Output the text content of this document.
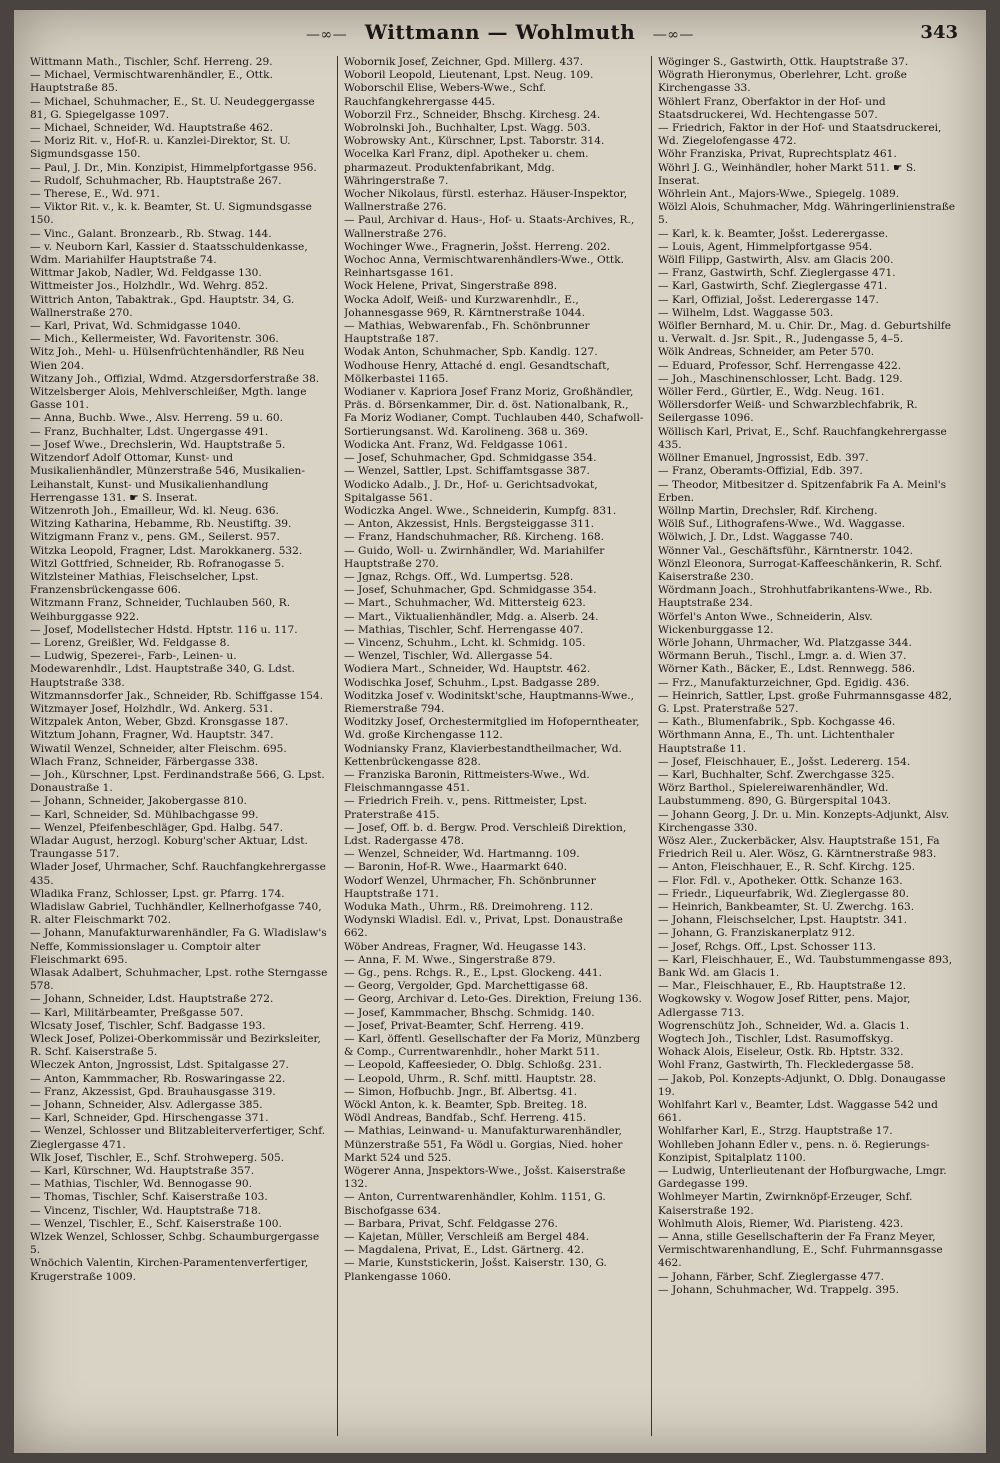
—∞— Wittmann — Wohlmuth —∞—	343

Wittmann Math., Tischler, Schf. Herreng. 29.

— Michael, Vermischtwarenhändler, E., Ottk. Hauptstraße 85.

— Michael, Schuhmacher, E., St. U. Neudeggergasse 81, G. Spiegelgasse 1097.

— Michael, Schneider, Wd. Hauptstraße 462.

— Moriz Rit. v., Hof-R. u. Kanzlei-Direktor, St. U. Sigmundsgasse 150.

— Paul, J. Dr., Min. Konzipist, Himmelpfortgasse 956.

— Rudolf, Schuhmacher, Rb. Hauptstraße 267.

— Therese, E., Wd. 971.

— Viktor Rit. v., k. k. Beamter, St. U. Sigmundsgasse 150.

— Vinc., Galant. Bronzearb., Rb. Stwag. 144.

— v. Neuborn Karl, Kassier d. Staatsschuldenkasse, Wdm. Mariahilfer Hauptstraße 74.

Wittmar Jakob, Nadler, Wd. Feldgasse 130.

Wittmeister Jos., Holzhdlr., Wd. Wehrg. 852.

Wittrich Anton, Tabaktrak., Gpd. Hauptstr. 34, G. Wallnerstraße 270.

— Karl, Privat, Wd. Schmidgasse 1040.

— Mich., Kellermeister, Wd. Favoritenstr. 306.

Witz Joh., Mehl- u. Hülsenfrüchtenhändler, Rß Neu Wien 204.

Witzany Joh., Offizial, Wdmd. Atzgersdorferstraße 38.

Witzelsberger Alois, Mehlverschleißer, Mgth. lange Gasse 101.

— Anna, Buchb. Wwe., Alsv. Herreng. 59 u. 60.

— Franz, Buchhalter, Ldst. Ungergasse 491.

— Josef Wwe., Drechslerin, Wd. Hauptstraße 5.

Witzendorf Adolf Ottomar, Kunst- und Musikalienhändler, Münzerstraße 546, Musikalien-Leihanstalt, Kunst- und Musikalienhandlung Herrengasse 131. ☛ S. Inserat.

Witzenroth Joh., Emailleur, Wd. kl. Neug. 636.

Witzing Katharina, Hebamme, Rb. Neustiftg. 39.

Witzigmann Franz v., pens. GM., Seilerst. 957.

Witzka Leopold, Fragner, Ldst. Marokkanerg. 532.

Witzl Gottfried, Schneider, Rb. Rofranogasse 5.

Witzlsteiner Mathias, Fleischselcher, Lpst. Franzensbrückengasse 606.

Witzmann Franz, Schneider, Tuchlauben 560, R. Weihburggasse 922.

— Josef, Modellstecher Hdstd. Hptstr. 116 u. 117.

— Lorenz, Greißler, Wd. Feldgasse 8.

— Ludwig, Spezerei-, Farb-, Leinen- u. Modewarenhdlr., Ldst. Hauptstraße 340, G. Ldst. Hauptstraße 338.

Witzmannsdorfer Jak., Schneider, Rb. Schiffgasse 154.

Witzmayer Josef, Holzhdlr., Wd. Ankerg. 531.

Witzpalek Anton, Weber, Gbzd. Kronsgasse 187.

Witztum Johann, Fragner, Wd. Hauptstr. 347.

Wiwatil Wenzel, Schneider, alter Fleischm. 695.

Wlach Franz, Schneider, Färbergasse 338.

— Joh., Kürschner, Lpst. Ferdinandstraße 566, G. Lpst. Donaustraße 1.

— Johann, Schneider, Jakobergasse 810.

— Karl, Schneider, Sd. Mühlbachgasse 99.

— Wenzel, Pfeifenbeschläger, Gpd. Halbg. 547.

Wladar August, herzogl. Koburg'scher Aktuar, Ldst. Traungasse 517.

Wlader Josef, Uhrmacher, Schf. Rauchfangkehrergasse 435.

Wladika Franz, Schlosser, Lpst. gr. Pfarrg. 174.

Wladislaw Gabriel, Tuchhändler, Kellnerhofgasse 740, R. alter Fleischmarkt 702.

— Johann, Manufakturwarenhändler, Fa G. Wladislaw's Neffe, Kommissionslager u. Comptoir alter Fleischmarkt 695.

Wlasak Adalbert, Schuhmacher, Lpst. rothe Sterngasse 578.

— Johann, Schneider, Ldst. Hauptstraße 272.

— Karl, Militärbeamter, Preßgasse 507.

Wlcsaty Josef, Tischler, Schf. Badgasse 193.

Wleck Josef, Polizei-Oberkommissär und Bezirksleiter, R. Schf. Kaiserstraße 5.

Wleczek Anton, Jngrossist, Ldst. Spitalgasse 27.

— Anton, Kammmacher, Rb. Roswaringasse 22.

— Franz, Akzessist, Gpd. Brauhausgasse 319.

— Johann, Schneider, Alsv. Adlergasse 385.

— Karl, Schneider, Gpd. Hirschengasse 371.

— Wenzel, Schlosser und Blitzableiterverfertiger, Schf. Zieglergasse 471.

Wlk Josef, Tischler, E., Schf. Strohweperg. 505.

— Karl, Kürschner, Wd. Hauptstraße 357.

— Mathias, Tischler, Wd. Bennogasse 90.

— Thomas, Tischler, Schf. Kaiserstraße 103.

— Vincenz, Tischler, Wd. Hauptstraße 718.

— Wenzel, Tischler, E., Schf. Kaiserstraße 100.

Wlzek Wenzel, Schlosser, Schbg. Schaumburgergasse 5.

Wnöchich Valentin, Kirchen-Paramentenverfertiger, Krugerstraße 1009.

Wobornik Josef, Zeichner, Gpd. Millerg. 437.

Woboril Leopold, Lieutenant, Lpst. Neug. 109.

Woborschil Elise, Webers-Wwe., Schf. Rauchfangkehrergasse 445.

Woborzil Frz., Schneider, Bhschg. Kirchesg. 24.

Wobrolnski Joh., Buchhalter, Lpst. Wagg. 503.

Wobrowsky Ant., Kürschner, Lpst. Taborstr. 314.

Wocelka Karl Franz, dipl. Apotheker u. chem. pharmazeut. Produktenfabrikant, Mdg. Währingerstraße 7.

Wocher Nikolaus, fürstl. esterhaz. Häuser-Inspektor, Wallnerstraße 276.

— Paul, Archivar d. Haus-, Hof- u. Staats-Archives, R., Wallnerstraße 276.

Wochinger Wwe., Fragnerin, Jošst. Herreng. 202.

Wochoc Anna, Vermischtwarenhändlers-Wwe., Ottk. Reinhartsgasse 161.

Wock Helene, Privat, Singerstraße 898.

Wocka Adolf, Weiß- und Kurzwarenhdlr., E., Johannesgasse 969, R. Kärntnerstraße 1044.

— Mathias, Webwarenfab., Fh. Schönbrunner Hauptstraße 187.

Wodak Anton, Schuhmacher, Spb. Kandlg. 127.

Wodhouse Henry, Attaché d. engl. Gesandtschaft, Mölkerbastei 1165.

Wodianer v. Kapriora Josef Franz Moriz, Großhändler, Präs. d. Börsenkammer, Dir. d. öst. Nationalbank, R., Fa Moriz Wodianer, Compt. Tuchlauben 440, Schafwoll-Sortierungsanst. Wd. Karolineng. 368 u. 369.

Wodicka Ant. Franz, Wd. Feldgasse 1061.

— Josef, Schuhmacher, Gpd. Schmidgasse 354.

— Wenzel, Sattler, Lpst. Schiffamtsgasse 387.

Wodicko Adalb., J. Dr., Hof- u. Gerichtsadvokat, Spitalgasse 561.

Wodiczka Angel. Wwe., Schneiderin, Kumpfg. 831.

— Anton, Akzessist, Hnls. Bergsteiggasse 311.

— Franz, Handschuhmacher, Rß. Kircheng. 168.

— Guido, Woll- u. Zwirnhändler, Wd. Mariahilfer Hauptstraße 270.

— Jgnaz, Rchgs. Off., Wd. Lumpertsg. 528.

— Josef, Schuhmacher, Gpd. Schmidgasse 354.

— Mart., Schuhmacher, Wd. Mittersteig 623.

— Mart., Viktualienhändler, Mdg. a. Alserb. 24.

— Mathias, Tischler, Schf. Herrengasse 407.

— Vincenz, Schuhm., Lcht. kl. Schmidg. 105.

— Wenzel, Tischler, Wd. Allergasse 54.

Wodiera Mart., Schneider, Wd. Hauptstr. 462.

Wodischka Josef, Schuhm., Lpst. Badgasse 289.

Woditzka Josef v. Wodinitskt'sche, Hauptmanns-Wwe., Riemerstraße 794.

Woditzky Josef, Orchestermitglied im Hofoperntheater, Wd. große Kirchengasse 112.

Wodniansky Franz, Klavierbestandtheilmacher, Wd. Kettenbrückengasse 828.

— Franziska Baronin, Rittmeisters-Wwe., Wd. Fleischmanngasse 451.

— Friedrich Freih. v., pens. Rittmeister, Lpst. Praterstraße 415.

— Josef, Off. b. d. Bergw. Prod. Verschleiß Direktion, Ldst. Radergasse 478.

— Wenzel, Schneider, Wd. Hartmanng. 109.

— Baronin, Hof-R. Wwe., Haarmarkt 640.

Wodorf Wenzel, Uhrmacher, Fh. Schönbrunner Hauptstraße 171.

Woduka Math., Uhrm., Rß. Dreimohreng. 112.

Wodynski Wladisl. Edl. v., Privat, Lpst. Donaustraße 662.

Wöber Andreas, Fragner, Wd. Heugasse 143.

— Anna, F. M. Wwe., Singerstraße 879.

— Gg., pens. Rchgs. R., E., Lpst. Glockeng. 441.

— Georg, Vergolder, Gpd. Marchettigasse 68.

— Georg, Archivar d. Leto-Ges. Direktion, Freiung 136.

— Josef, Kammmacher, Bhschg. Schmidg. 140.

— Josef, Privat-Beamter, Schf. Herreng. 419.

— Karl, öffentl. Gesellschafter der Fa Moriz, Münzberg & Comp., Currentwarenhdlr., hoher Markt 511.

— Leopold, Kaffeesieder, O. Dblg. Schloßg. 231.

— Leopold, Uhrm., R. Schf. mittl. Hauptstr. 28.

— Simon, Hofbuchb. Jngr., Bf. Albertsg. 41.

Wöckl Anton, k. k. Beamter, Spb. Breiteg. 18.

Wödl Andreas, Bandfab., Schf. Herreng. 415.

— Mathias, Leinwand- u. Manufakturwarenhändler, Münzerstraße 551, Fa Wödl u. Gorgias, Nied. hoher Markt 524 und 525.

Wögerer Anna, Jnspektors-Wwe., Jošst. Kaiserstraße 132.

— Anton, Currentwarenhändler, Kohlm. 1151, G. Bischofgasse 634.

— Barbara, Privat, Schf. Feldgasse 276.

— Kajetan, Müller, Verschleiß am Bergel 484.

— Magdalena, Privat, E., Ldst. Gärtnerg. 42.

— Marie, Kunststickerin, Jošst. Kaiserstr. 130, G. Plankengasse 1060.

Wöginger S., Gastwirth, Ottk. Hauptstraße 37.

Wögrath Hieronymus, Oberlehrer, Lcht. große Kirchengasse 33.

Wöhlert Franz, Oberfaktor in der Hof- und Staatsdruckerei, Wd. Hechtengasse 507.

— Friedrich, Faktor in der Hof- und Staatsdruckerei, Wd. Ziegelofengasse 472.

Wöhr Franziska, Privat, Ruprechtsplatz 461.

Wöhrl J. G., Weinhändler, hoher Markt 511. ☛ S. Inserat.

Wöhrlein Ant., Majors-Wwe., Spiegelg. 1089.

Wölzl Alois, Schuhmacher, Mdg. Währingerlinienstraße 5.

— Karl, k. k. Beamter, Jošst. Lederergasse.

— Louis, Agent, Himmelpfortgasse 954.

Wölfl Filipp, Gastwirth, Alsv. am Glacis 200.

— Franz, Gastwirth, Schf. Zieglergasse 471.

— Karl, Gastwirth, Schf. Zieglergasse 471.

— Karl, Offizial, Jošst. Lederergasse 147.

— Wilhelm, Ldst. Waggasse 503.

Wölfler Bernhard, M. u. Chir. Dr., Mag. d. Geburtshilfe u. Verwalt. d. Jsr. Spit., R., Judengasse 5, 4–5.

Wölk Andreas, Schneider, am Peter 570.

— Eduard, Professor, Schf. Herrengasse 422.

— Joh., Maschinenschlosser, Lcht. Badg. 129.

Wöller Ferd., Gürtler, E., Wdg. Neug. 161.

Wöllersdorfer Weiß- und Schwarzblechfabrik, R. Seilergasse 1096.

Wöllisch Karl, Privat, E., Schf. Rauchfangkehrergasse 435.

Wöllner Emanuel, Jngrossist, Edb. 397.

— Franz, Oberamts-Offizial, Edb. 397.

— Theodor, Mitbesitzer d. Spitzenfabrik Fa A. Meinl's Erben.

Wöllnp Martin, Drechsler, Rdf. Kircheng.

Wölß Suf., Lithografens-Wwe., Wd. Waggasse.

Wölwich, J. Dr., Ldst. Waggasse 740.

Wönner Val., Geschäftsführ., Kärntnerstr. 1042.

Wönzl Eleonora, Surrogat-Kaffeeschänkerin, R. Schf. Kaiserstraße 230.

Wördmann Joach., Strohhutfabrikantens-Wwe., Rb. Hauptstraße 234.

Wörfel's Anton Wwe., Schneiderin, Alsv. Wickenburggasse 12.

Wörle Johann, Uhrmacher, Wd. Platzgasse 344.

Wörmann Beruh., Tischl., Lmgr. a. d. Wien 37.

Wörner Kath., Bäcker, E., Ldst. Rennwegg. 586.

— Frz., Manufakturzeichner, Gpd. Egidig. 436.

— Heinrich, Sattler, Lpst. große Fuhrmannsgasse 482, G. Lpst. Praterstraße 527.

— Kath., Blumenfabrik., Spb. Kochgasse 46.

Wörthmann Anna, E., Th. unt. Lichtenthaler Hauptstraße 11.

— Josef, Fleischhauer, E., Jošst. Ledererg. 154.

— Karl, Buchhalter, Schf. Zwerchgasse 325.

Wörz Barthol., Spielereiwarenhändler, Wd. Laubstummeng. 890, G. Bürgerspital 1043.

— Johann Georg, J. Dr. u. Min. Konzepts-Adjunkt, Alsv. Kirchengasse 330.

Wösz Aler., Zuckerbäcker, Alsv. Hauptstraße 151, Fa Friedrich Reil u. Aler. Wösz, G. Kärntnerstraße 983.

— Anton, Fleischhauer, E., R. Schf. Kirchg. 125.

— Flor. Fdl. v., Apotheker. Ottk. Schanze 163.

— Friedr., Liqueurfabrik, Wd. Zieglergasse 80.

— Heinrich, Bankbeamter, St. U. Zwerchg. 163.

— Johann, Fleischselcher, Lpst. Hauptstr. 341.

— Johann, G. Franziskanerplatz 912.

— Josef, Rchgs. Off., Lpst. Schosser 113.

— Karl, Fleischhauer, E., Wd. Taubstummengasse 893, Bank Wd. am Glacis 1.

— Mar., Fleischhauer, E., Rb. Hauptstraße 12.

Wogkowsky v. Wogow Josef Ritter, pens. Major, Adlergasse 713.

Wogrenschütz Joh., Schneider, Wd. a. Glacis 1.

Wogtech Joh., Tischler, Ldst. Rasumoffskyg.

Wohack Alois, Eiseleur, Ostk. Rb. Hptstr. 332.

Wohl Franz, Gastwirth, Th. Fleckledergasse 58.

— Jakob, Pol. Konzepts-Adjunkt, O. Dblg. Donaugasse 19.

Wohlfahrt Karl v., Beamter, Ldst. Waggasse 542 und 661.

Wohlfarher Karl, E., Strzg. Hauptstraße 17.

Wohlleben Johann Edler v., pens. n. ö. Regierungs-Konzipist, Spitalplatz 1100.

— Ludwig, Unterlieutenant der Hofburgwache, Lmgr. Gardegasse 199.

Wohlmeyer Martin, Zwirnknöpf-Erzeuger, Schf. Kaiserstraße 192.

Wohlmuth Alois, Riemer, Wd. Piaristeng. 423.

— Anna, stille Gesellschafterin der Fa Franz Meyer, Vermischtwarenhandlung, E., Schf. Fuhrmannsgasse 462.

— Johann, Färber, Schf. Zieglergasse 477.

— Johann, Schuhmacher, Wd. Trappelg. 395.
